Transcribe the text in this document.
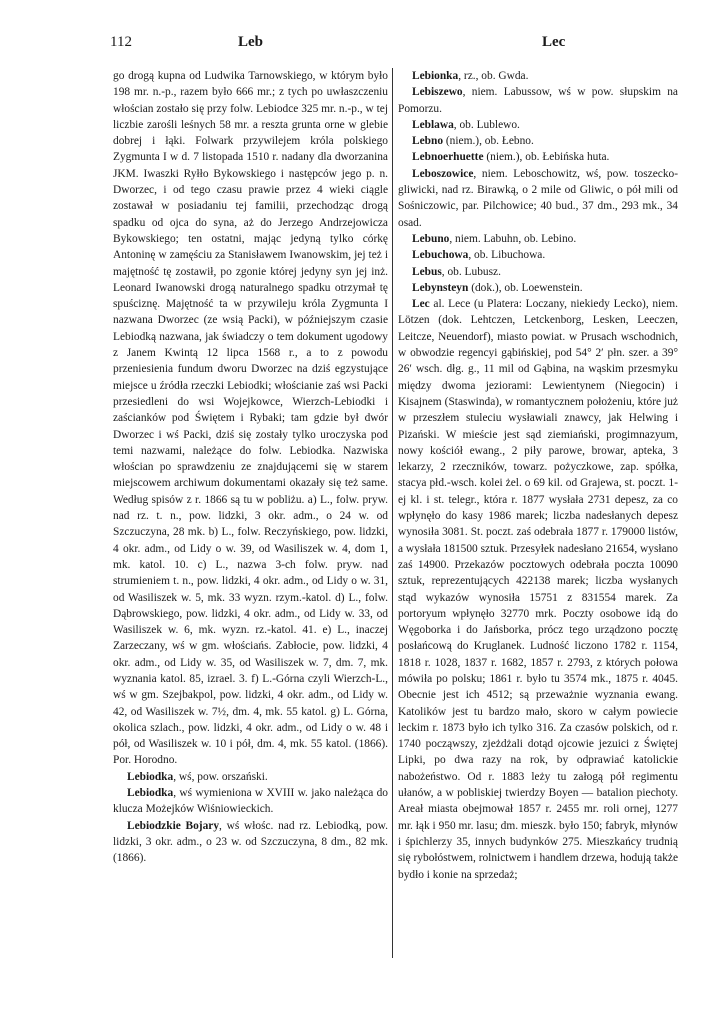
112	Leb	Lec

go drogą kupna od Ludwika Tarnowskiego, w którym było 198 mr. n.-p., razem było 666 mr.; z tych po uwłaszczeniu włościan zostało się przy folw. Lebiodce 325 mr. n.-p., w tej liczbie zarośli leśnych 58 mr. a reszta grunta orne w glebie dobrej i łąki. Folwark przywilejem króla polskiego Zygmunta I w d. 7 listopada 1510 r. nadany dla dworzanina JKM. Iwaszki Ryłło Bykowskiego i następców jego p. n. Dworzec, i od tego czasu prawie przez 4 wieki ciągle zostawał w posiadaniu tej familii, przechodząc drogą spadku od ojca do syna, aż do Jerzego Andrzejowicza Bykowskiego; ten ostatni, mając jedyną tylko córkę Antoninę w zamęściu za Stanisławem Iwanowskim, jej też i majętność tę zostawił, po zgonie której jedyny syn jej inż. Leonard Iwanowski drogą naturalnego spadku otrzymał tę spuściznę. Majętność ta w przywileju króla Zygmunta I nazwana Dworzec (ze wsią Packi), w późniejszym czasie Lebiodką nazwana, jak świadczy o tem dokument ugodowy z Janem Kwintą 12 lipca 1568 r., a to z powodu przeniesienia fundum dworu Dworzec na dziś egzystujące miejsce u źródła rzeczki Lebiodki; włościanie zaś wsi Packi przesiedleni do wsi Wojejkowce, Wierzch-Lebiodki i zaścianków pod Świętem i Rybaki; tam gdzie był dwór Dworzec i wś Packi, dziś się zostały tylko uroczyska pod temi nazwami, należące do folw. Lebiodka. Nazwiska włościan po sprawdzeniu ze znajdującemi się w starem miejscowem archiwum dokumentami okazały się też same. Według spisów z r. 1866 są tu w pobliżu. a) L., folw. pryw. nad rz. t. n., pow. lidzki, 3 okr. adm., o 24 w. od Szczuczyna, 28 mk. b) L., folw. Reczyńskiego, pow. lidzki, 4 okr. adm., od Lidy o w. 39, od Wasiliszek w. 4, dom 1, mk. katol. 10. c) L., nazwa 3-ch folw. pryw. nad strumieniem t. n., pow. lidzki, 4 okr. adm., od Lidy o w. 31, od Wasiliszek w. 5, mk. 33 wyzn. rzym.-katol. d) L., folw. Dąbrowskiego, pow. lidzki, 4 okr. adm., od Lidy w. 33, od Wasiliszek w. 6, mk. wyzn. rz.-katol. 41. e) L., inaczej Zarzeczany, wś w gm. włościańs. Zabłocie, pow. lidzki, 4 okr. adm., od Lidy w. 35, od Wasiliszek w. 7, dm. 7, mk. wyznania katol. 85, izrael. 3. f) L.-Górna czyli Wierzch-L., wś w gm. Szejbakpol, pow. lidzki, 4 okr. adm., od Lidy w. 42, od Wasiliszek w. 7½, dm. 4, mk. 55 katol. g) L. Górna, okolica szlach., pow. lidzki, 4 okr. adm., od Lidy o w. 48 i pół, od Wasiliszek w. 10 i pół, dm. 4, mk. 55 katol. (1866). Por. Horodno.

Lebiodka, wś, pow. orszański.

Lebiodka, wś wymieniona w XVIII w. jako należąca do klucza Możejków Wiśniowieckich.

Lebiodzkie Bojary, wś włośc. nad rz. Lebiodką, pow. lidzki, 3 okr. adm., o 23 w. od Szczuczyna, 8 dm., 82 mk. (1866).

Lebionka, rz., ob. Gwda.

Lebiszewo, niem. Labussow, wś w pow. słupskim na Pomorzu.

Leblawa, ob. Lublewo.

Lebno (niem.), ob. Łebno.

Lebnoerhuette (niem.), ob. Łebińska huta.

Leboszowice, niem. Leboschowitz, wś, pow. toszecko-gliwicki, nad rz. Birawką, o 2 mile od Gliwic, o pół mili od Sośniczowic, par. Pilchowice; 40 bud., 37 dm., 293 mk., 34 osad.

Lebuno, niem. Labuhn, ob. Lebino.

Lebuchowa, ob. Libuchowa.

Lebus, ob. Lubusz.

Lebynsteyn (dok.), ob. Loewenstein.

Lec al. Lece (u Platera: Loczany, niekiedy Lecko), niem. Lötzen (dok. Lehtczen, Letckenborg, Lesken, Leeczen, Leitcze, Neuendorf), miasto powiat. w Prusach wschodnich, w obwodzie regencyi gąbińskiej, pod 54° 2′ płn. szer. a 39° 26′ wsch. dłg. g., 11 mil od Gąbina, na wąskim przesmyku między dwoma jeziorami: Lewientynem (Niegocin) i Kisajnem (Staswinda), w romantycznem położeniu, które już w przeszłem stuleciu wysławiali znawcy, jak Helwing i Pizański. W mieście jest sąd ziemiański, progimnazyum, nowy kościół ewang., 2 piły parowe, browar, apteka, 3 lekarzy, 2 rzeczników, towarz. pożyczkowe, zap. spółka, stacya płd.-wsch. kolei żel. o 69 kil. od Grajewa, st. poczt. 1-ej kl. i st. telegr., która r. 1877 wysłała 2731 depesz, za co wpłynęło do kasy 1986 marek; liczba nadesłanych depesz wynosiła 3081. St. poczt. zaś odebrała 1877 r. 179000 listów, a wysłała 181500 sztuk. Przesyłek nadesłano 21654, wysłano zaś 14900. Przekazów pocztowych odebrała poczta 10090 sztuk, reprezentujących 422138 marek; liczba wysłanych stąd wykazów wynosiła 15751 z 831554 marek. Za portoryum wpłynęło 32770 mrk. Poczty osobowe idą do Węgoborka i do Jańsborka, prócz tego urządzono pocztę posłańcową do Kruglanek. Ludność liczono 1782 r. 1154, 1818 r. 1028, 1837 r. 1682, 1857 r. 2793, z których połowa mówiła po polsku; 1861 r. było tu 3574 mk., 1875 r. 4045. Obecnie jest ich 4512; są przeważnie wyznania ewang. Katolików jest tu bardzo mało, skoro w całym powiecie leckim r. 1873 było ich tylko 316. Za czasów polskich, od r. 1740 począwszy, zjeżdżali dotąd ojcowie jezuici z Świętej Lipki, po dwa razy na rok, by odprawiać katolickie nabożeństwo. Od r. 1883 leży tu załogą pół regimentu ułanów, a w pobliskiej twierdzy Boyen — batalion piechoty. Areał miasta obejmował 1857 r. 2455 mr. roli ornej, 1277 mr. łąk i 950 mr. lasu; dm. mieszk. było 150; fabryk, młynów i śpichlerzy 35, innych budynków 275. Mieszkańcy trudnią się rybołóstwem, rolnictwem i handlem drzewa, hodują także bydło i konie na sprzedaż;
